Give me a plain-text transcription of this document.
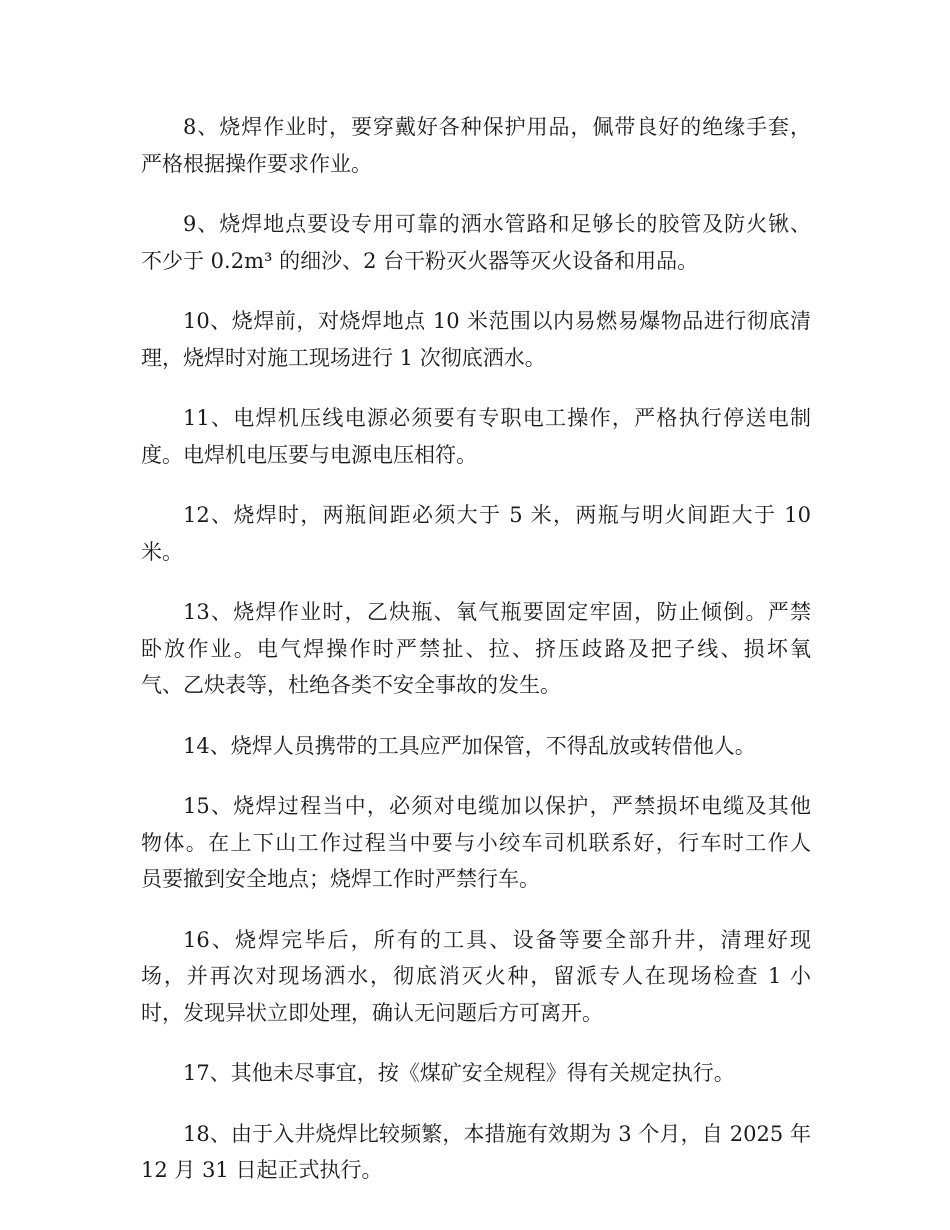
8、烧焊作业时，要穿戴好各种保护用品，佩带良好的绝缘手套，
严格根据操作要求作业。
9、烧焊地点要设专用可靠的洒水管路和足够长的胶管及防火锹、
不少于 0.2m³ 的细沙、2 台干粉灭火器等灭火设备和用品。
10、烧焊前，对烧焊地点 10 米范围以内易燃易爆物品进行彻底清
理，烧焊时对施工现场进行 1 次彻底洒水。
11、电焊机压线电源必须要有专职电工操作，严格执行停送电制
度。电焊机电压要与电源电压相符。
12、烧焊时，两瓶间距必须大于 5 米，两瓶与明火间距大于 10
米。
13、烧焊作业时，乙炔瓶、氧气瓶要固定牢固，防止倾倒。严禁
卧放作业。电气焊操作时严禁扯、拉、挤压歧路及把子线、损坏氧
气、乙炔表等，杜绝各类不安全事故的发生。
14、烧焊人员携带的工具应严加保管，不得乱放或转借他人。
15、烧焊过程当中，必须对电缆加以保护，严禁损坏电缆及其他
物体。在上下山工作过程当中要与小绞车司机联系好，行车时工作人
员要撤到安全地点；烧焊工作时严禁行车。
16、烧焊完毕后，所有的工具、设备等要全部升井，清理好现
场，并再次对现场洒水，彻底消灭火种，留派专人在现场检查 1 小
时，发现异状立即处理，确认无问题后方可离开。
17、其他未尽事宜，按《煤矿安全规程》得有关规定执行。
18、由于入井烧焊比较频繁，本措施有效期为 3 个月，自 2025 年
12 月 31 日起正式执行。
